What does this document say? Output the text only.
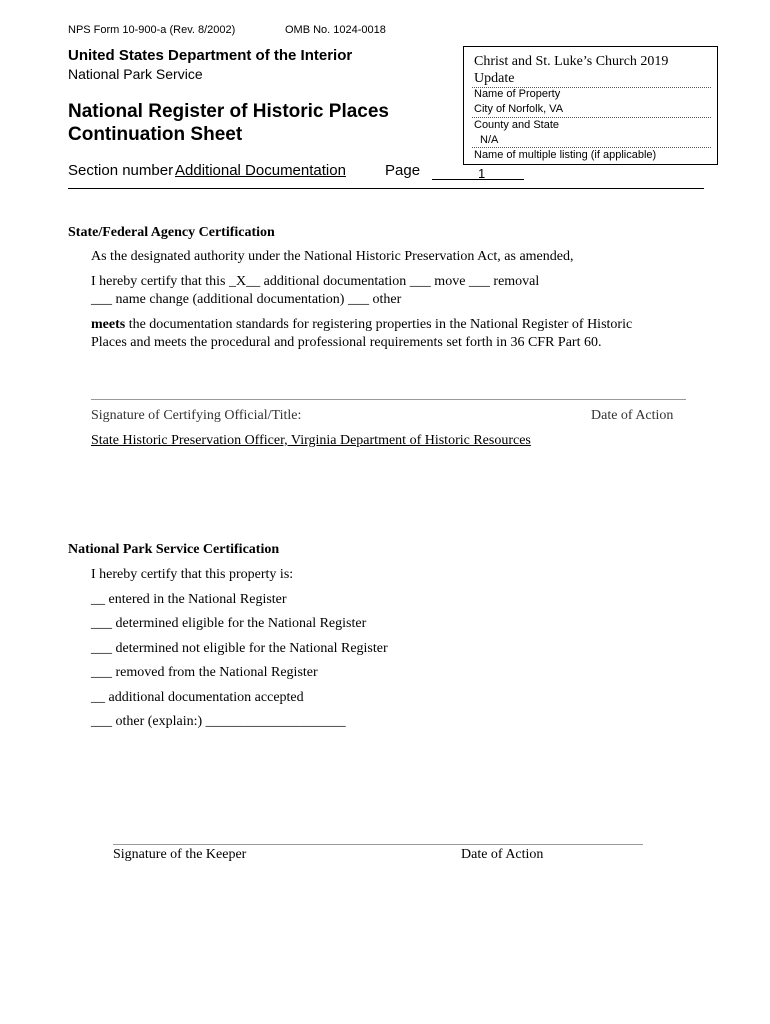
NPS Form 10-900-a (Rev. 8/2002)	OMB No. 1024-0018
United States Department of the Interior
National Park Service
National Register of Historic Places
Continuation Sheet
Section number Additional Documentation	Page	1
Christ and St. Luke’s Church 2019 Update
Name of Property
City of Norfolk, VA
County and State
N/A
Name of multiple listing (if applicable)
State/Federal Agency Certification
As the designated authority under the National Historic Preservation Act, as amended,
I hereby certify that this _X__ additional documentation ___ move ___ removal
___ name change (additional documentation) ___ other
meets the documentation standards for registering properties in the National Register of Historic
Places and meets the procedural and professional requirements set forth in 36 CFR Part 60.
Signature of Certifying Official/Title:	Date of Action
State Historic Preservation Officer, Virginia Department of Historic Resources
National Park Service Certification
I hereby certify that this property is:
__ entered in the National Register
___ determined eligible for the National Register
___ determined not eligible for the National Register
___ removed from the National Register
__ additional documentation accepted
___ other (explain:) ____________________
Signature of the Keeper	Date of Action
